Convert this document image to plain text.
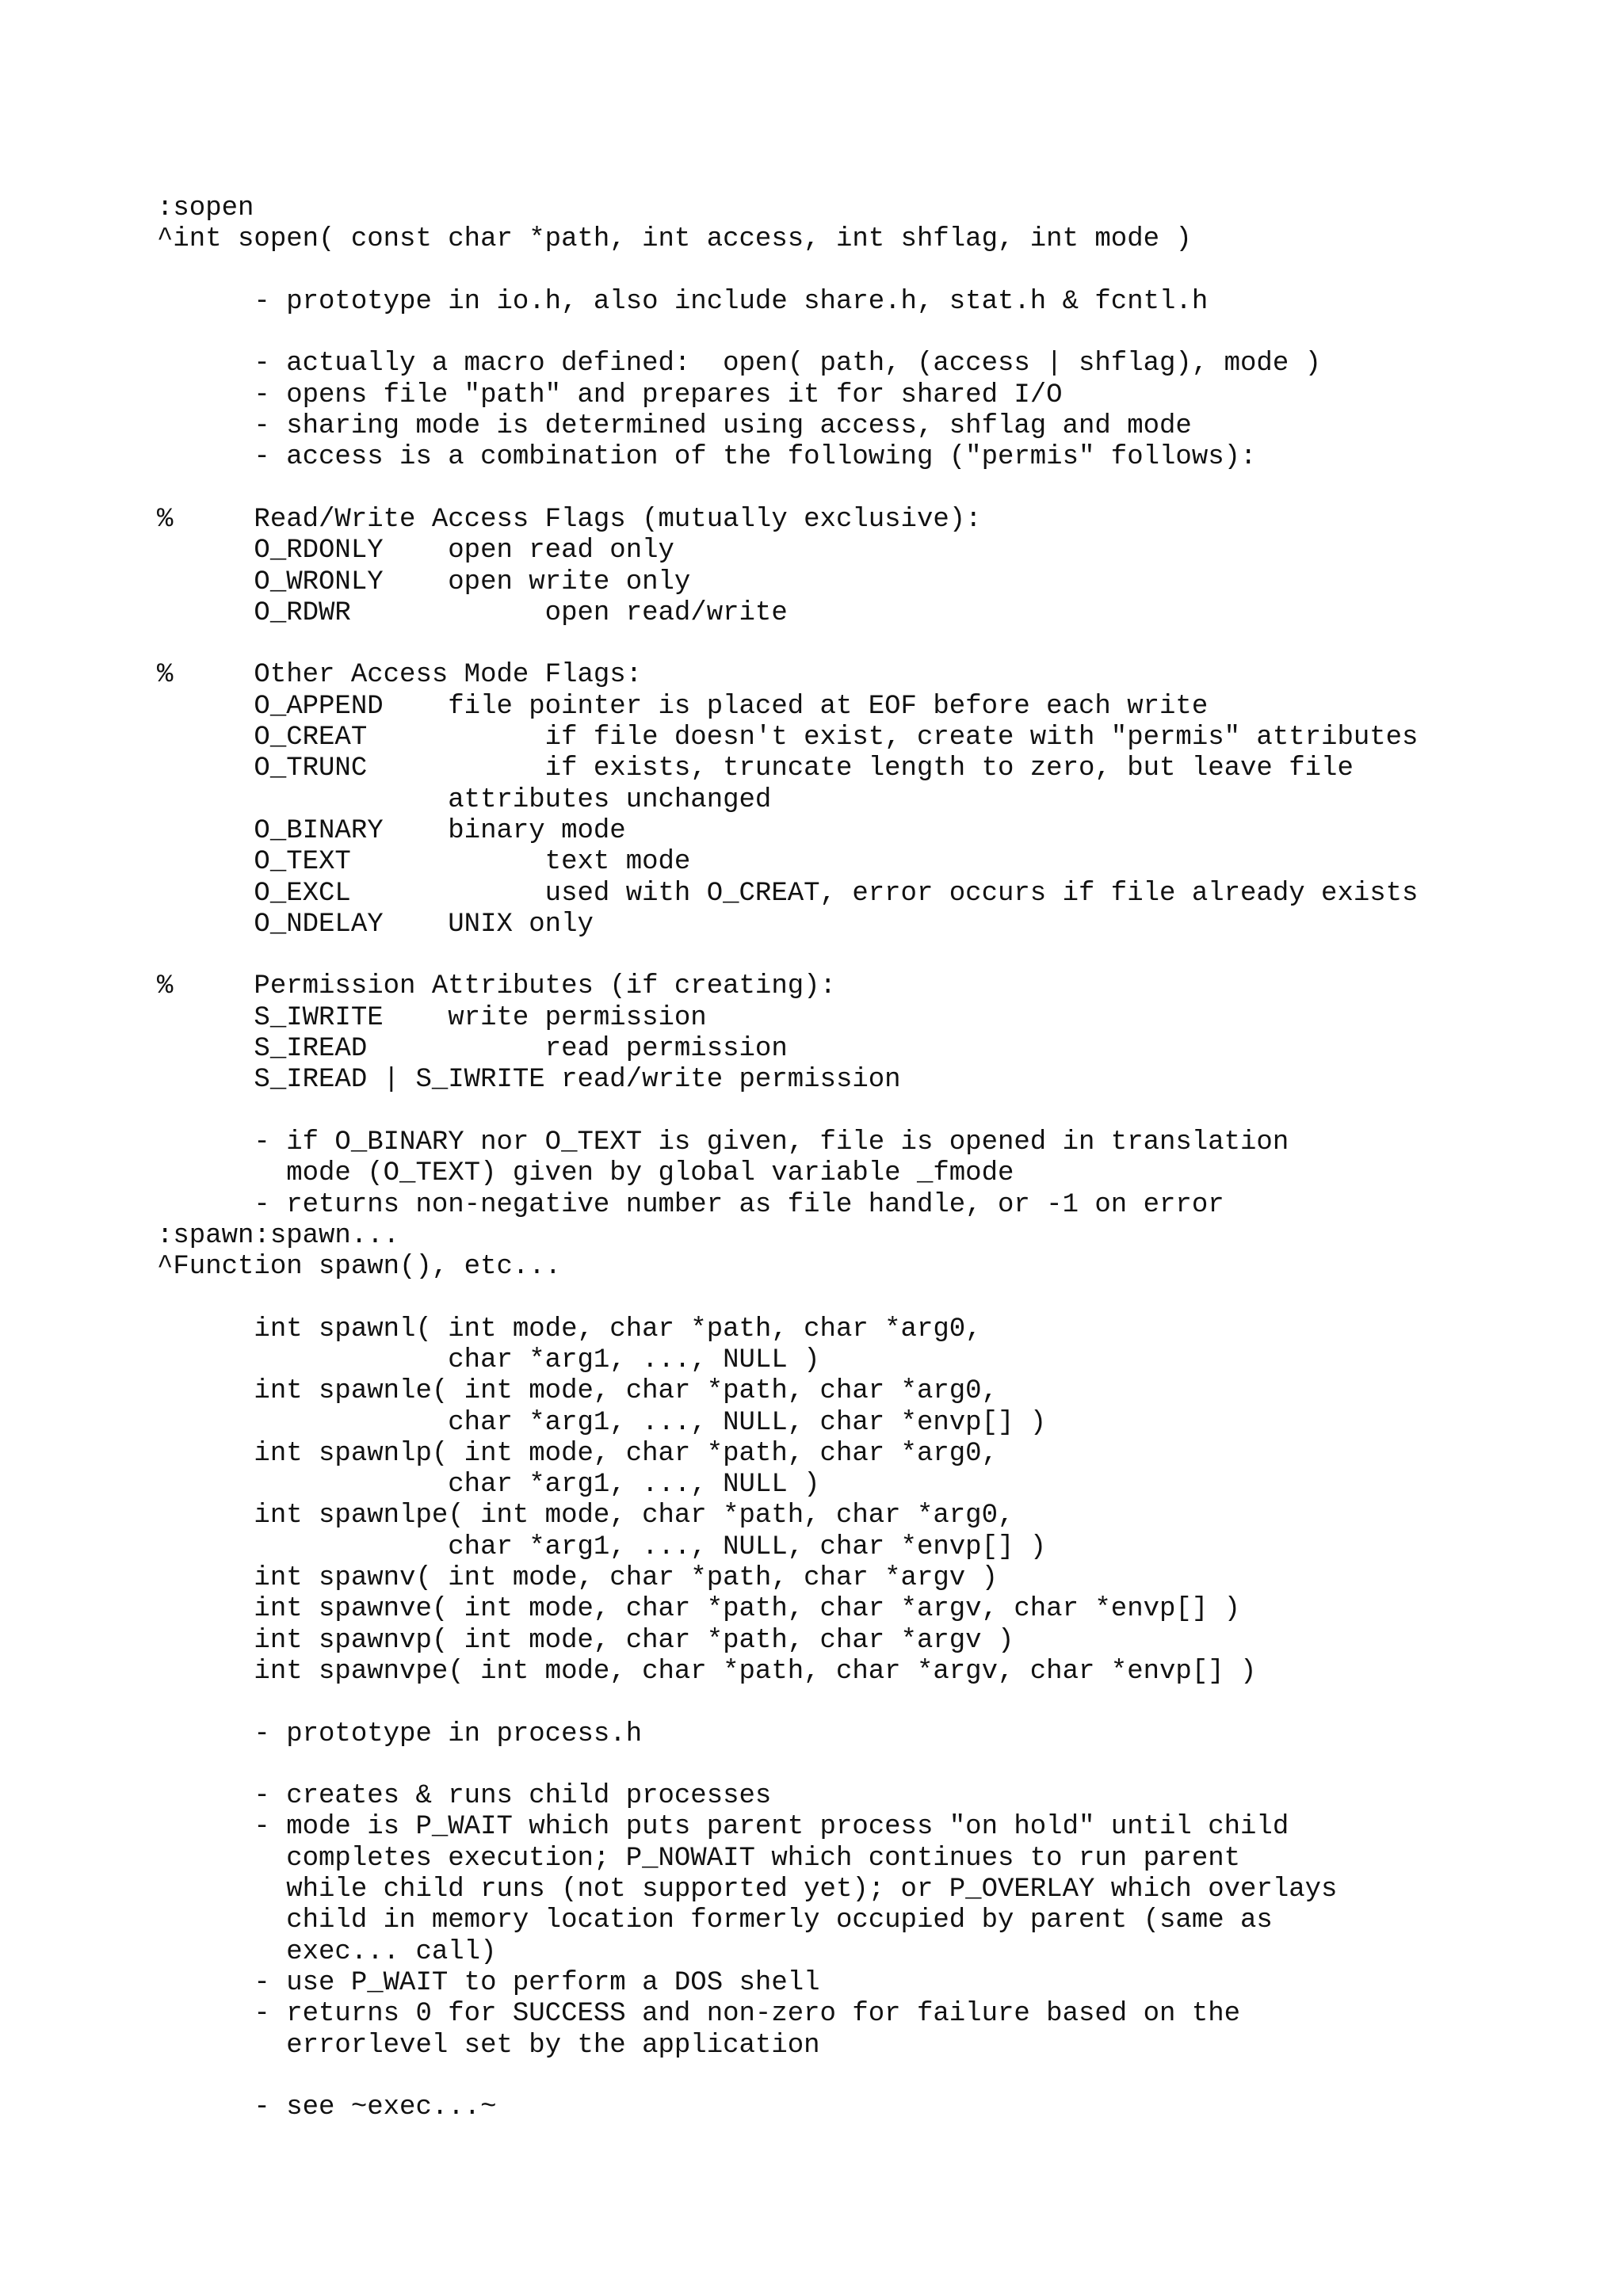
:sopen
^int sopen( const char *path, int access, int shflag, int mode )
- prototype in io.h, also include share.h, stat.h & fcntl.h
- actually a macro defined:  open( path, (access | shflag), mode )
- opens file "path" and prepares it for shared I/O
- sharing mode is determined using access, shflag and mode
- access is a combination of the following ("permis" follows):
%     Read/Write Access Flags (mutually exclusive):
O_RDONLY    open read only
O_WRONLY    open write only
O_RDWR            open read/write
%     Other Access Mode Flags:
O_APPEND    file pointer is placed at EOF before each write
O_CREAT           if file doesn't exist, create with "permis" attributes
O_TRUNC           if exists, truncate length to zero, but leave file
attributes unchanged
O_BINARY    binary mode
O_TEXT            text mode
O_EXCL            used with O_CREAT, error occurs if file already exists
O_NDELAY    UNIX only
%     Permission Attributes (if creating):
S_IWRITE    write permission
S_IREAD           read permission
S_IREAD | S_IWRITE read/write permission
- if O_BINARY nor O_TEXT is given, file is opened in translation
mode (O_TEXT) given by global variable _fmode
- returns non-negative number as file handle, or -1 on error
:spawn:spawn...
^Function spawn(), etc...
int spawnl( int mode, char *path, char *arg0,
char *arg1, ..., NULL )
int spawnle( int mode, char *path, char *arg0,
char *arg1, ..., NULL, char *envp[] )
int spawnlp( int mode, char *path, char *arg0,
char *arg1, ..., NULL )
int spawnlpe( int mode, char *path, char *arg0,
char *arg1, ..., NULL, char *envp[] )
int spawnv( int mode, char *path, char *argv )
int spawnve( int mode, char *path, char *argv, char *envp[] )
int spawnvp( int mode, char *path, char *argv )
int spawnvpe( int mode, char *path, char *argv, char *envp[] )
- prototype in process.h
- creates & runs child processes
- mode is P_WAIT which puts parent process "on hold" until child
completes execution; P_NOWAIT which continues to run parent
while child runs (not supported yet); or P_OVERLAY which overlays
child in memory location formerly occupied by parent (same as
exec... call)
- use P_WAIT to perform a DOS shell
- returns 0 for SUCCESS and non-zero for failure based on the
errorlevel set by the application
- see ~exec...~
